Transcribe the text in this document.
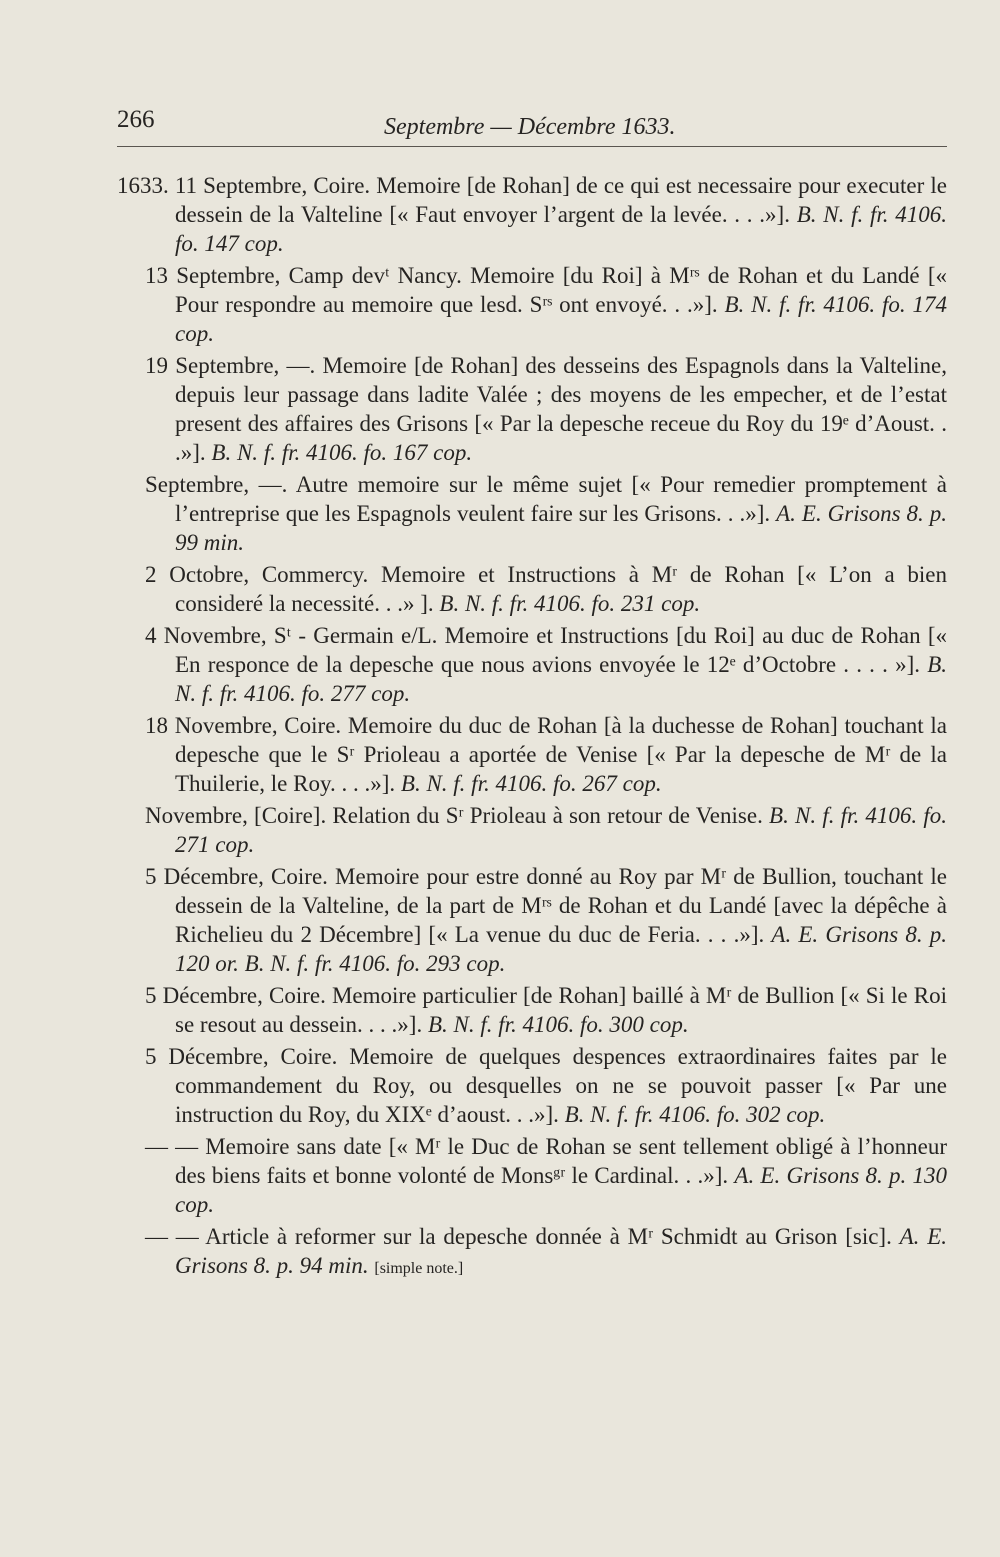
266	Septembre — Décembre 1633.

1633. 11 Septembre, Coire. Memoire [de Rohan] de ce qui est necessaire pour executer le dessein de la Valteline [« Faut envoyer l’argent de la levée. . . .»]. B. N. f. fr. 4106. fo. 147 cop.

13 Septembre, Camp devᵗ Nancy. Memoire [du Roi] à Mʳˢ de Rohan et du Landé [« Pour respondre au memoire que lesd. Sʳˢ ont envoyé. . .»]. B. N. f. fr. 4106. fo. 174 cop.

19 Septembre, —. Memoire [de Rohan] des desseins des Espagnols dans la Valteline, depuis leur passage dans ladite Valée ; des moyens de les empecher, et de l’estat present des affaires des Grisons [« Par la depesche receue du Roy du 19ᵉ d’Aoust. . .»]. B. N. f. fr. 4106. fo. 167 cop.

Septembre, —. Autre memoire sur le même sujet [« Pour remedier promptement à l’entreprise que les Espagnols veulent faire sur les Grisons. . .»]. A. E. Grisons 8. p. 99 min.

2 Octobre, Commercy. Memoire et Instructions à Mʳ de Rohan [« L’on a bien consideré la necessité. . .» ]. B. N. f. fr. 4106. fo. 231 cop.

4 Novembre, Sᵗ - Germain e/L. Memoire et Instructions [du Roi] au duc de Rohan [« En responce de la depesche que nous avions envoyée le 12ᵉ d’Octobre . . . . »]. B. N. f. fr. 4106. fo. 277 cop.

18 Novembre, Coire. Memoire du duc de Rohan [à la duchesse de Rohan] touchant la depesche que le Sʳ Prioleau a aportée de Venise [« Par la depesche de Mʳ de la Thuilerie, le Roy. . . .»]. B. N. f. fr. 4106. fo. 267 cop.

Novembre, [Coire]. Relation du Sʳ Prioleau à son retour de Venise. B. N. f. fr. 4106. fo. 271 cop.

5 Décembre, Coire. Memoire pour estre donné au Roy par Mʳ de Bullion, touchant le dessein de la Valteline, de la part de Mʳˢ de Rohan et du Landé [avec la dépêche à Richelieu du 2 Décembre] [« La venue du duc de Feria. . . .»]. A. E. Grisons 8. p. 120 or. B. N. f. fr. 4106. fo. 293 cop.

5 Décembre, Coire. Memoire particulier [de Rohan] baillé à Mʳ de Bullion [« Si le Roi se resout au dessein. . . .»]. B. N. f. fr. 4106. fo. 300 cop.

5 Décembre, Coire. Memoire de quelques despences extraordinaires faites par le commandement du Roy, ou desquelles on ne se pouvoit passer [« Par une instruction du Roy, du XIXᵉ d’aoust. . .»]. B. N. f. fr. 4106. fo. 302 cop.

— — Memoire sans date [« Mʳ le Duc de Rohan se sent tellement obligé à l’honneur des biens faits et bonne volonté de Monsᵍʳ le Cardinal. . .»]. A. E. Grisons 8. p. 130 cop.

— — Article à reformer sur la depesche donnée à Mʳ Schmidt au Grison [sic]. A. E. Grisons 8. p. 94 min. [simple note.]
